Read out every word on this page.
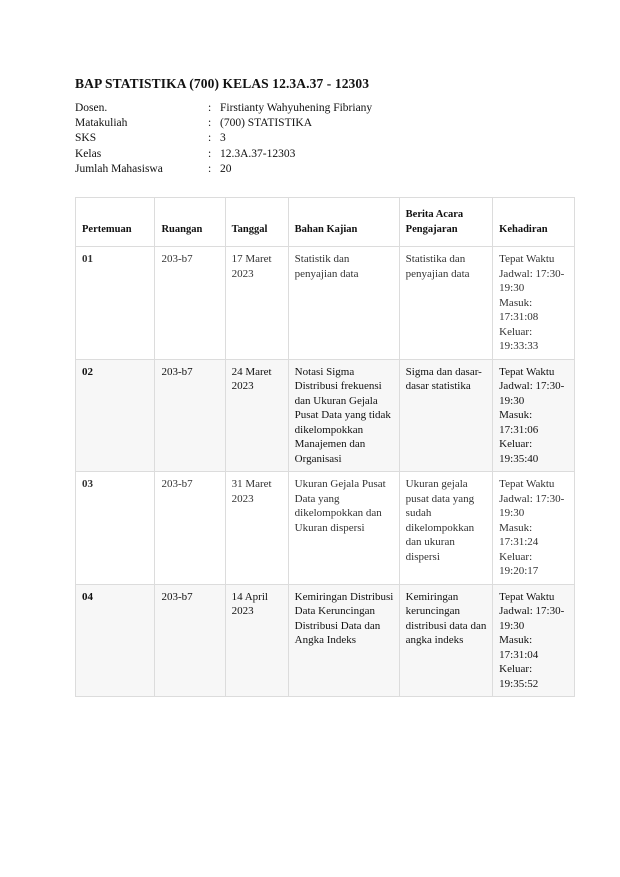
BAP STATISTIKA (700) KELAS 12.3A.37 - 12303
Dosen.	: Firstianty Wahyuhening Fibriany
Matakuliah	: (700) STATISTIKA
SKS	: 3
Kelas	: 12.3A.37-12303
Jumlah Mahasiswa	: 20
Pertemuan	Ruangan	Tanggal	Bahan Kajian	Berita Acara Pengajaran	Kehadiran
01	203-b7	17 Maret 2023	Statistik dan penyajian data	Statistika dan penyajian data	Tepat Waktu
Jadwal: 17:30-19:30
Masuk: 17:31:08
Keluar: 19:33:33

02	203-b7	24 Maret 2023	Notasi Sigma Distribusi frekuensi dan Ukuran Gejala Pusat Data yang tidak dikelompokkan Manajemen dan Organisasi	Sigma dan dasar-dasar statistika	Tepat Waktu
Jadwal: 17:30-19:30
Masuk: 17:31:06
Keluar: 19:35:40

03	203-b7	31 Maret 2023	Ukuran Gejala Pusat Data yang dikelompokkan dan Ukuran dispersi	Ukuran gejala pusat data yang sudah dikelompokkan dan ukuran dispersi	Tepat Waktu
Jadwal: 17:30-19:30
Masuk: 17:31:24
Keluar: 19:20:17

04	203-b7	14 April 2023	Kemiringan Distribusi Data Keruncingan Distribusi Data dan Angka Indeks	Kemiringan keruncingan distribusi data dan angka indeks	Tepat Waktu
Jadwal: 17:30-19:30
Masuk: 17:31:04
Keluar: 19:35:52
